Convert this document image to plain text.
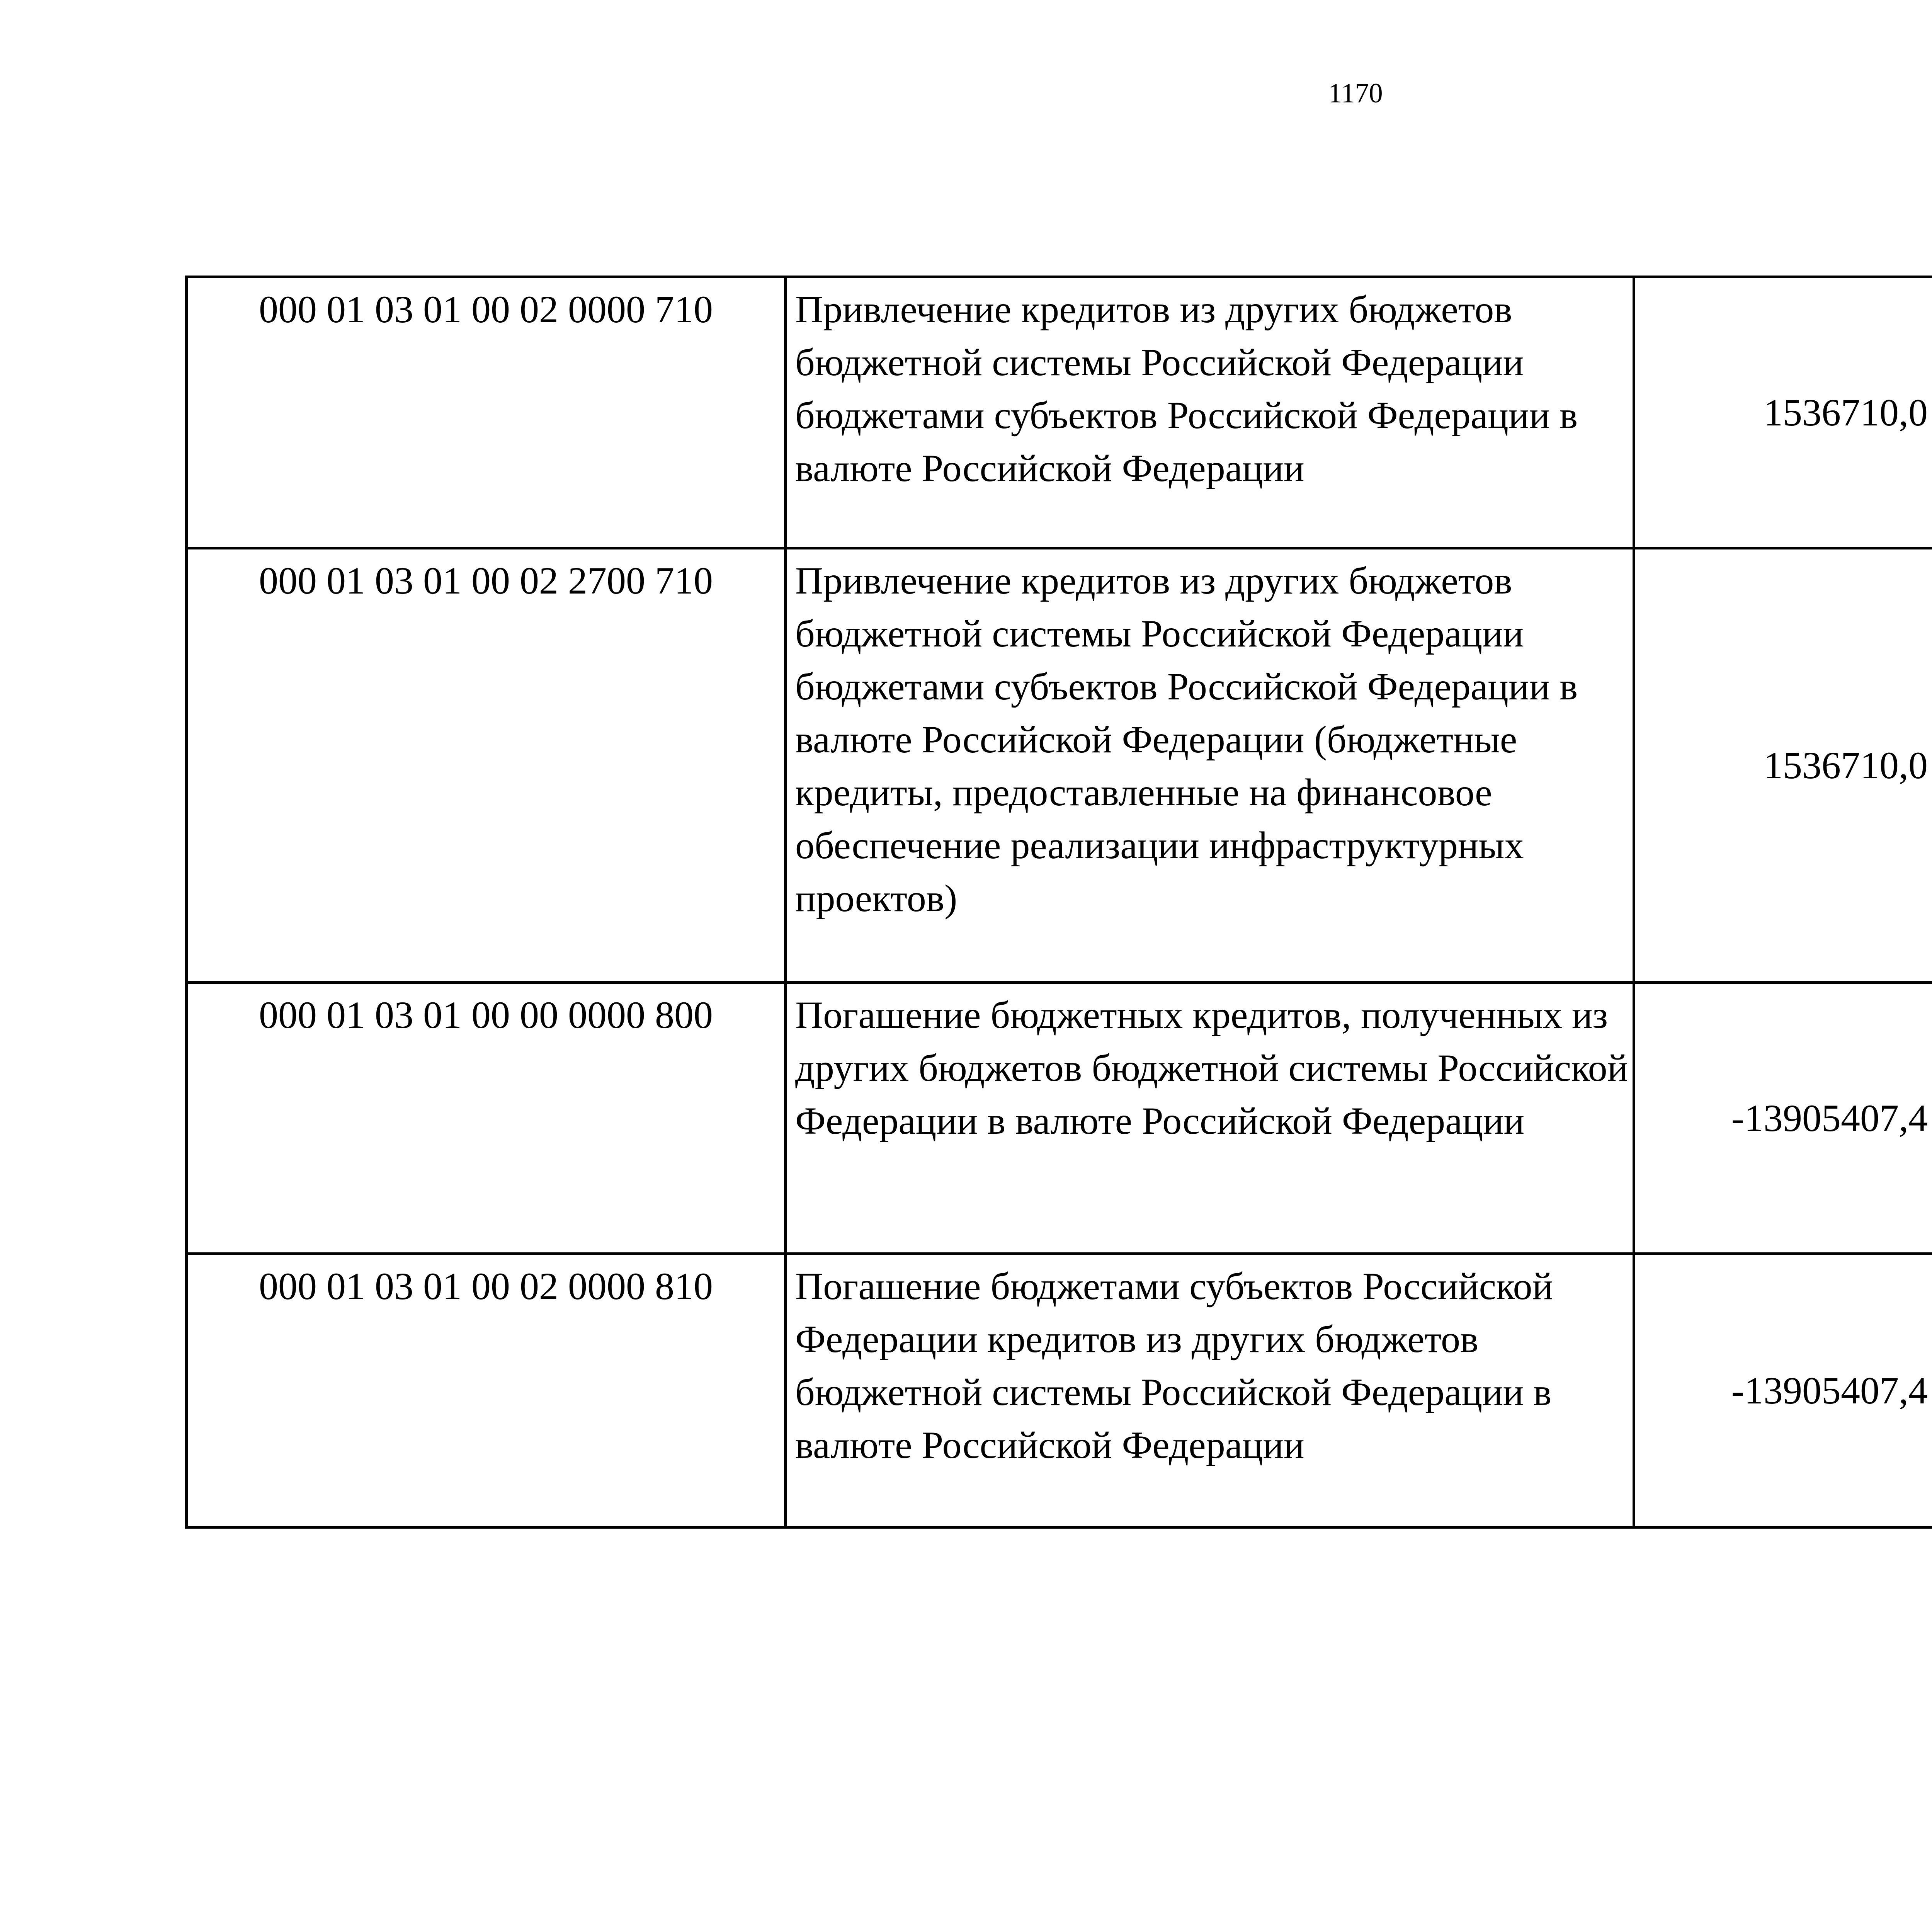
1170
000 01 03 01 00 02 0000 710	Привлечение кредитов из других бюджетов бюджетной системы Российской Федерации бюджетами субъектов Российской Федерации в валюте Российской Федерации	1536710,0		
000 01 03 01 00 02 2700 710	Привлечение кредитов из других бюджетов бюджетной системы Российской Федерации бюджетами субъектов Российской Федерации в валюте Российской Федерации (бюджетные кредиты, предоставленные на финансовое обеспечение реализации инфраструктурных проектов)	1536710,0		
000 01 03 01 00 00 0000 800	Погашение бюджетных кредитов, полученных из других бюджетов бюджетной системы Российской Федерации в валюте Российской Федерации	-13905407,4		
000 01 03 01 00 02 0000 810	Погашение бюджетами субъектов Российской Федерации кредитов из других бюджетов бюджетной системы Российской Федерации в валюте Российской Федерации	-13905407,4		
